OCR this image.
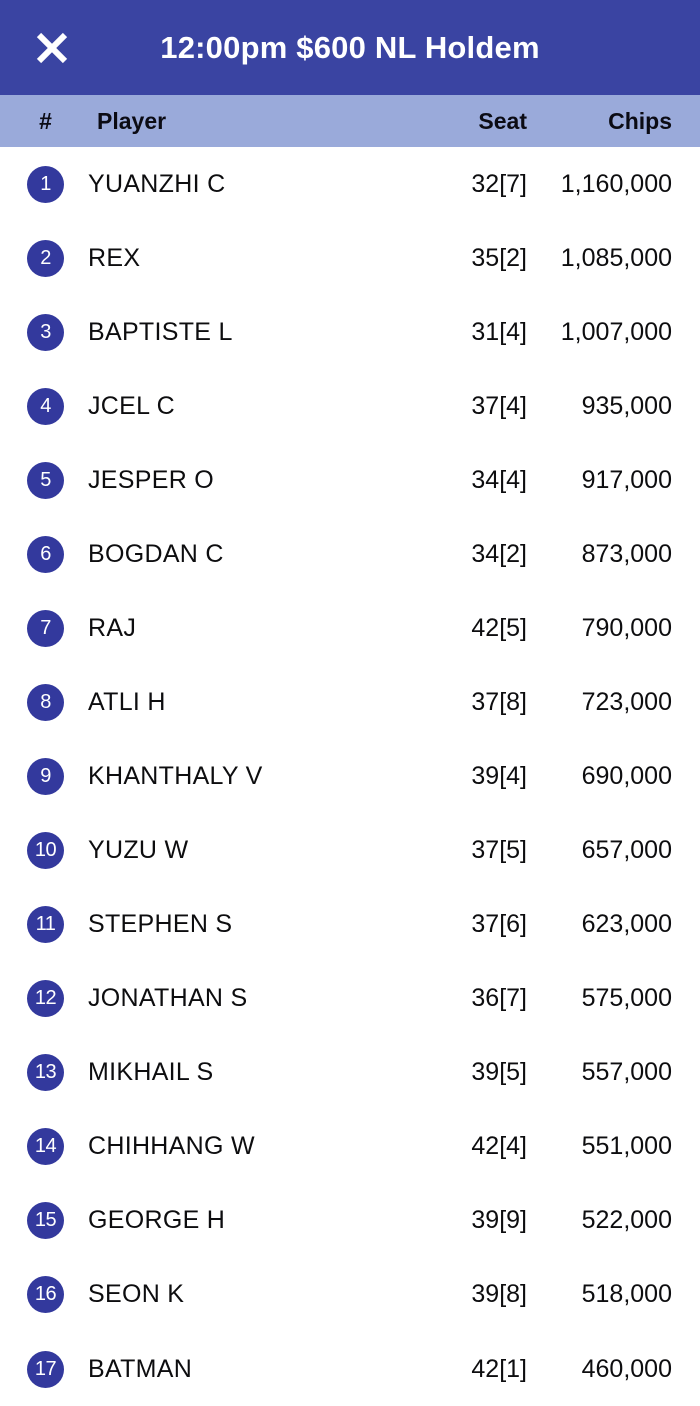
12:00pm $600 NL Holdem
#	Player	Seat	Chips
1	YUANZHI C	32[7]	1,160,000
2	REX	35[2]	1,085,000
3	BAPTISTE L	31[4]	1,007,000
4	JCEL C	37[4]	935,000
5	JESPER O	34[4]	917,000
6	BOGDAN C	34[2]	873,000
7	RAJ	42[5]	790,000
8	ATLI H	37[8]	723,000
9	KHANTHALY V	39[4]	690,000
10	YUZU W	37[5]	657,000
11	STEPHEN S	37[6]	623,000
12	JONATHAN S	36[7]	575,000
13	MIKHAIL S	39[5]	557,000
14	CHIHHANG W	42[4]	551,000
15	GEORGE H	39[9]	522,000
16	SEON K	39[8]	518,000
17	BATMAN	42[1]	460,000
